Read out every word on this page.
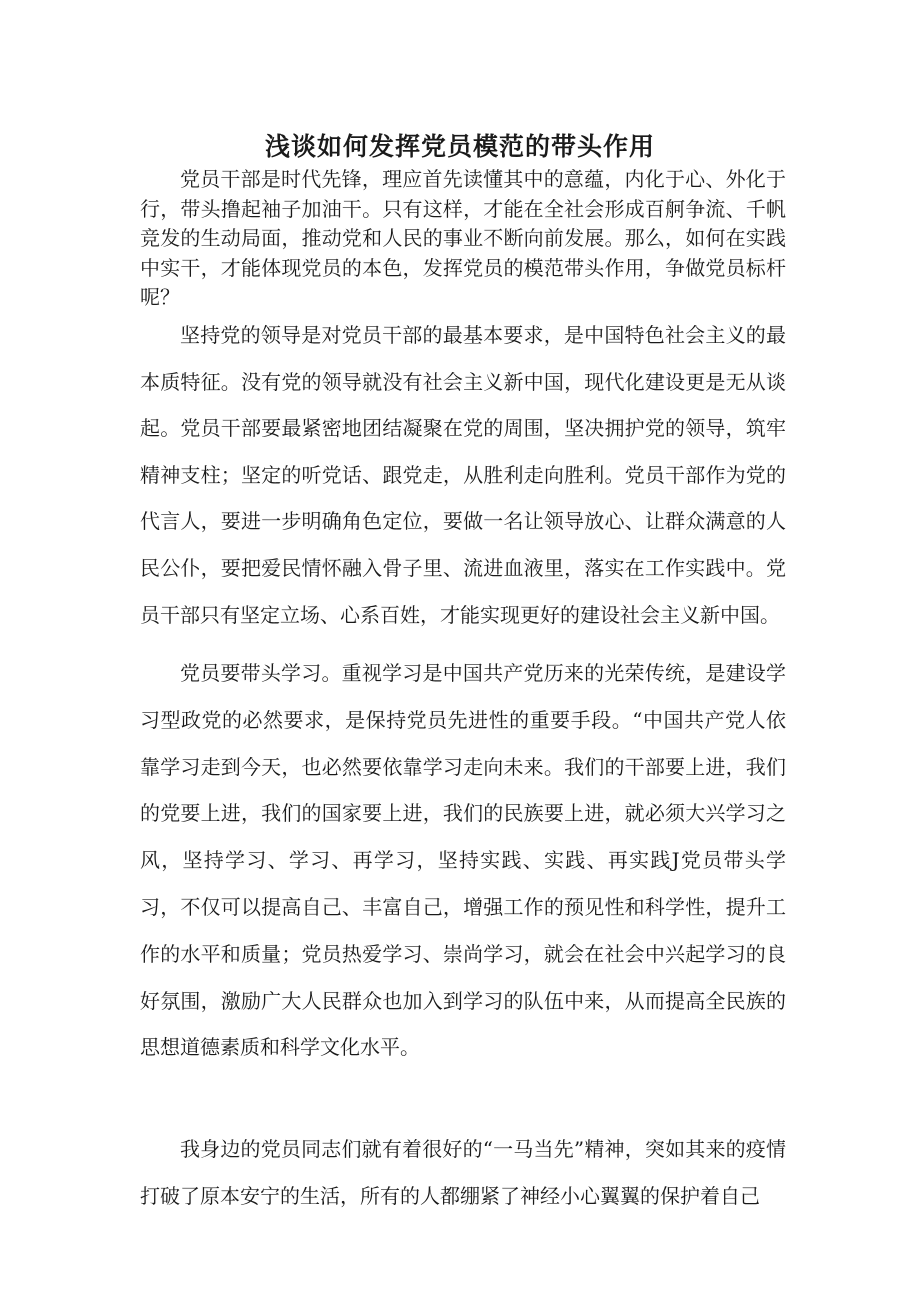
浅谈如何发挥党员模范的带头作用

党员干部是时代先锋，理应首先读懂其中的意蕴，内化于心、外化于行，带头撸起袖子加油干。只有这样，才能在全社会形成百舸争流、千帆竞发的生动局面，推动党和人民的事业不断向前发展。那么，如何在实践中实干，才能体现党员的本色，发挥党员的模范带头作用，争做党员标杆呢？

坚持党的领导是对党员干部的最基本要求，是中国特色社会主义的最本质特征。没有党的领导就没有社会主义新中国，现代化建设更是无从谈起。党员干部要最紧密地团结凝聚在党的周围，坚决拥护党的领导，筑牢精神支柱；坚定的听党话、跟党走，从胜利走向胜利。党员干部作为党的代言人，要进一步明确角色定位，要做一名让领导放心、让群众满意的人民公仆，要把爱民情怀融入骨子里、流进血液里，落实在工作实践中。党员干部只有坚定立场、心系百姓，才能实现更好的建设社会主义新中国。

党员要带头学习。重视学习是中国共产党历来的光荣传统，是建设学习型政党的必然要求，是保持党员先进性的重要手段。“中国共产党人依靠学习走到今天，也必然要依靠学习走向未来。我们的干部要上进，我们的党要上进，我们的国家要上进，我们的民族要上进，就必须大兴学习之风，坚持学习、学习、再学习，坚持实践、实践、再实践J党员带头学习，不仅可以提高自己、丰富自己，增强工作的预见性和科学性，提升工作的水平和质量；党员热爱学习、崇尚学习，就会在社会中兴起学习的良好氛围，激励广大人民群众也加入到学习的队伍中来，从而提高全民族的思想道德素质和科学文化水平。

我身边的党员同志们就有着很好的“一马当先”精神，突如其来的疫情打破了原本安宁的生活，所有的人都绷紧了神经小心翼翼的保护着自己
